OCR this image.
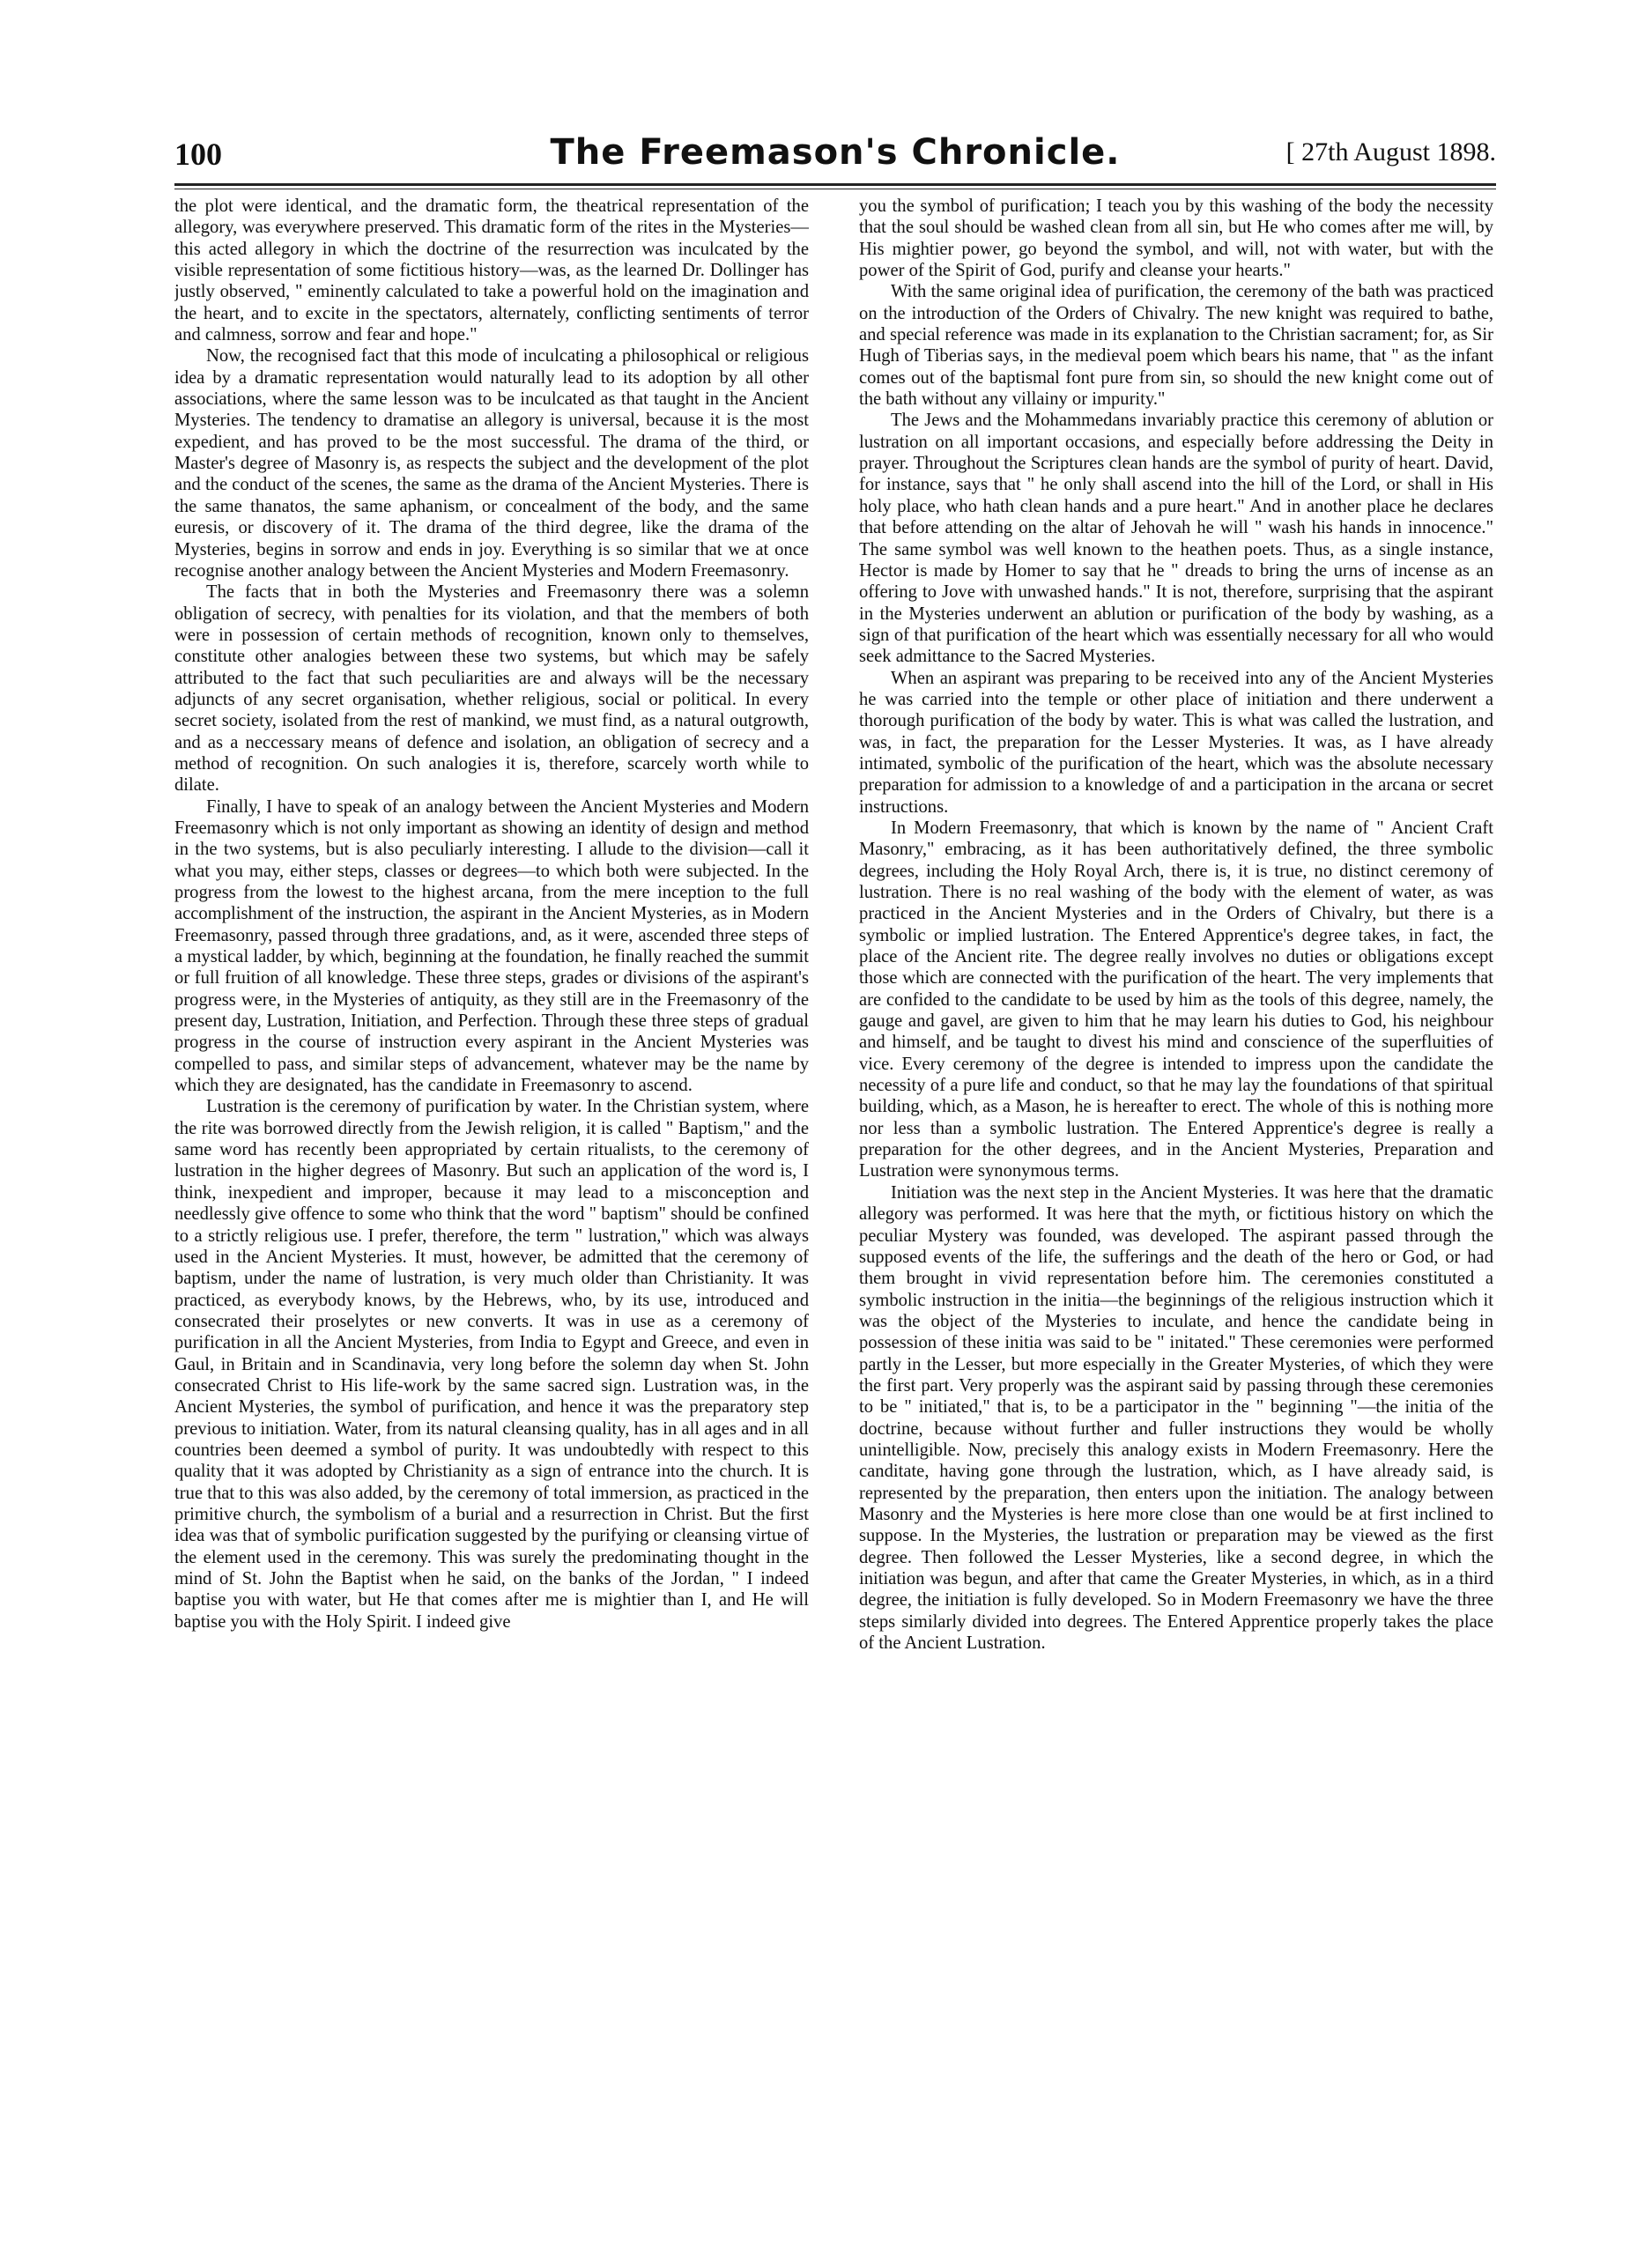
100	The Freemason's Chronicle.	[ 27th August 1898.

the plot were identical, and the dramatic form, the theatrical representation of the allegory, was everywhere preserved. This dramatic form of the rites in the Mysteries—this acted allegory in which the doctrine of the resurrection was inculcated by the visible representation of some fictitious history—was, as the learned Dr. Dollinger has justly observed, " eminently calculated to take a powerful hold on the imagination and the heart, and to excite in the spectators, alternately, conflicting sentiments of terror and calmness, sorrow and fear and hope."

Now, the recognised fact that this mode of inculcating a philosophical or religious idea by a dramatic representation would naturally lead to its adoption by all other associations, where the same lesson was to be inculcated as that taught in the Ancient Mysteries. The tendency to dramatise an allegory is universal, because it is the most expedient, and has proved to be the most successful. The drama of the third, or Master's degree of Masonry is, as respects the subject and the development of the plot and the conduct of the scenes, the same as the drama of the Ancient Mysteries. There is the same thanatos, the same aphanism, or concealment of the body, and the same euresis, or discovery of it. The drama of the third degree, like the drama of the Mysteries, begins in sorrow and ends in joy. Everything is so similar that we at once recognise another analogy between the Ancient Mysteries and Modern Freemasonry.

The facts that in both the Mysteries and Freemasonry there was a solemn obligation of secrecy, with penalties for its violation, and that the members of both were in possession of certain methods of recognition, known only to themselves, constitute other analogies between these two systems, but which may be safely attributed to the fact that such peculiarities are and always will be the necessary adjuncts of any secret organisation, whether religious, social or political. In every secret society, isolated from the rest of mankind, we must find, as a natural outgrowth, and as a neccessary means of defence and isolation, an obligation of secrecy and a method of recognition. On such analogies it is, therefore, scarcely worth while to dilate.

Finally, I have to speak of an analogy between the Ancient Mysteries and Modern Freemasonry which is not only important as showing an identity of design and method in the two systems, but is also peculiarly interesting. I allude to the division—call it what you may, either steps, classes or degrees—to which both were subjected. In the progress from the lowest to the highest arcana, from the mere inception to the full accomplishment of the instruction, the aspirant in the Ancient Mysteries, as in Modern Freemasonry, passed through three gradations, and, as it were, ascended three steps of a mystical ladder, by which, beginning at the foundation, he finally reached the summit or full fruition of all knowledge. These three steps, grades or divisions of the aspirant's progress were, in the Mysteries of antiquity, as they still are in the Freemasonry of the present day, Lustration, Initiation, and Perfection. Through these three steps of gradual progress in the course of instruction every aspirant in the Ancient Mysteries was compelled to pass, and similar steps of advancement, whatever may be the name by which they are designated, has the candidate in Freemasonry to ascend.

Lustration is the ceremony of purification by water. In the Christian system, where the rite was borrowed directly from the Jewish religion, it is called " Baptism," and the same word has recently been appropriated by certain ritualists, to the ceremony of lustration in the higher degrees of Masonry. But such an application of the word is, I think, inexpedient and improper, because it may lead to a misconception and needlessly give offence to some who think that the word " baptism" should be confined to a strictly religious use. I prefer, therefore, the term " lustration," which was always used in the Ancient Mysteries. It must, however, be admitted that the ceremony of baptism, under the name of lustration, is very much older than Christianity. It was practiced, as everybody knows, by the Hebrews, who, by its use, introduced and consecrated their proselytes or new converts. It was in use as a ceremony of purification in all the Ancient Mysteries, from India to Egypt and Greece, and even in Gaul, in Britain and in Scandinavia, very long before the solemn day when St. John consecrated Christ to His life-work by the same sacred sign. Lustration was, in the Ancient Mysteries, the symbol of purification, and hence it was the preparatory step previous to initiation. Water, from its natural cleansing quality, has in all ages and in all countries been deemed a symbol of purity. It was undoubtedly with respect to this quality that it was adopted by Christianity as a sign of entrance into the church. It is true that to this was also added, by the ceremony of total immersion, as practiced in the primitive church, the symbolism of a burial and a resurrection in Christ. But the first idea was that of symbolic purification suggested by the purifying or cleansing virtue of the element used in the ceremony. This was surely the predominating thought in the mind of St. John the Baptist when he said, on the banks of the Jordan, " I indeed baptise you with water, but He that comes after me is mightier than I, and He will baptise you with the Holy Spirit. I indeed give

you the symbol of purification; I teach you by this washing of the body the necessity that the soul should be washed clean from all sin, but He who comes after me will, by His mightier power, go beyond the symbol, and will, not with water, but with the power of the Spirit of God, purify and cleanse your hearts."

With the same original idea of purification, the ceremony of the bath was practiced on the introduction of the Orders of Chivalry. The new knight was required to bathe, and special reference was made in its explanation to the Christian sacrament; for, as Sir Hugh of Tiberias says, in the medieval poem which bears his name, that " as the infant comes out of the baptismal font pure from sin, so should the new knight come out of the bath without any villainy or impurity."

The Jews and the Mohammedans invariably practice this ceremony of ablution or lustration on all important occasions, and especially before addressing the Deity in prayer. Throughout the Scriptures clean hands are the symbol of purity of heart. David, for instance, says that " he only shall ascend into the hill of the Lord, or shall in His holy place, who hath clean hands and a pure heart." And in another place he declares that before attending on the altar of Jehovah he will " wash his hands in innocence." The same symbol was well known to the heathen poets. Thus, as a single instance, Hector is made by Homer to say that he " dreads to bring the urns of incense as an offering to Jove with unwashed hands." It is not, therefore, surprising that the aspirant in the Mysteries underwent an ablution or purification of the body by washing, as a sign of that purification of the heart which was essentially necessary for all who would seek admittance to the Sacred Mysteries.

When an aspirant was preparing to be received into any of the Ancient Mysteries he was carried into the temple or other place of initiation and there underwent a thorough purification of the body by water. This is what was called the lustration, and was, in fact, the preparation for the Lesser Mysteries. It was, as I have already intimated, symbolic of the purification of the heart, which was the absolute necessary preparation for admission to a knowledge of and a participation in the arcana or secret instructions.

In Modern Freemasonry, that which is known by the name of " Ancient Craft Masonry," embracing, as it has been authoritatively defined, the three symbolic degrees, including the Holy Royal Arch, there is, it is true, no distinct ceremony of lustration. There is no real washing of the body with the element of water, as was practiced in the Ancient Mysteries and in the Orders of Chivalry, but there is a symbolic or implied lustration. The Entered Apprentice's degree takes, in fact, the place of the Ancient rite. The degree really involves no duties or obligations except those which are connected with the purification of the heart. The very implements that are confided to the candidate to be used by him as the tools of this degree, namely, the gauge and gavel, are given to him that he may learn his duties to God, his neighbour and himself, and be taught to divest his mind and conscience of the superfluities of vice. Every ceremony of the degree is intended to impress upon the candidate the necessity of a pure life and conduct, so that he may lay the foundations of that spiritual building, which, as a Mason, he is hereafter to erect. The whole of this is nothing more nor less than a symbolic lustration. The Entered Apprentice's degree is really a preparation for the other degrees, and in the Ancient Mysteries, Preparation and Lustration were synonymous terms.

Initiation was the next step in the Ancient Mysteries. It was here that the dramatic allegory was performed. It was here that the myth, or fictitious history on which the peculiar Mystery was founded, was developed. The aspirant passed through the supposed events of the life, the sufferings and the death of the hero or God, or had them brought in vivid representation before him. The ceremonies constituted a symbolic instruction in the initia—the beginnings of the religious instruction which it was the object of the Mysteries to inculate, and hence the candidate being in possession of these initia was said to be " initated." These ceremonies were performed partly in the Lesser, but more especially in the Greater Mysteries, of which they were the first part. Very properly was the aspirant said by passing through these ceremonies to be " initiated," that is, to be a participator in the " beginning "—the initia of the doctrine, because without further and fuller instructions they would be wholly unintelligible. Now, precisely this analogy exists in Modern Freemasonry. Here the canditate, having gone through the lustration, which, as I have already said, is represented by the preparation, then enters upon the initiation. The analogy between Masonry and the Mysteries is here more close than one would be at first inclined to suppose. In the Mysteries, the lustration or preparation may be viewed as the first degree. Then followed the Lesser Mysteries, like a second degree, in which the initiation was begun, and after that came the Greater Mysteries, in which, as in a third degree, the initiation is fully developed. So in Modern Freemasonry we have the three steps similarly divided into degrees. The Entered Apprentice properly takes the place of the Ancient Lustration.
